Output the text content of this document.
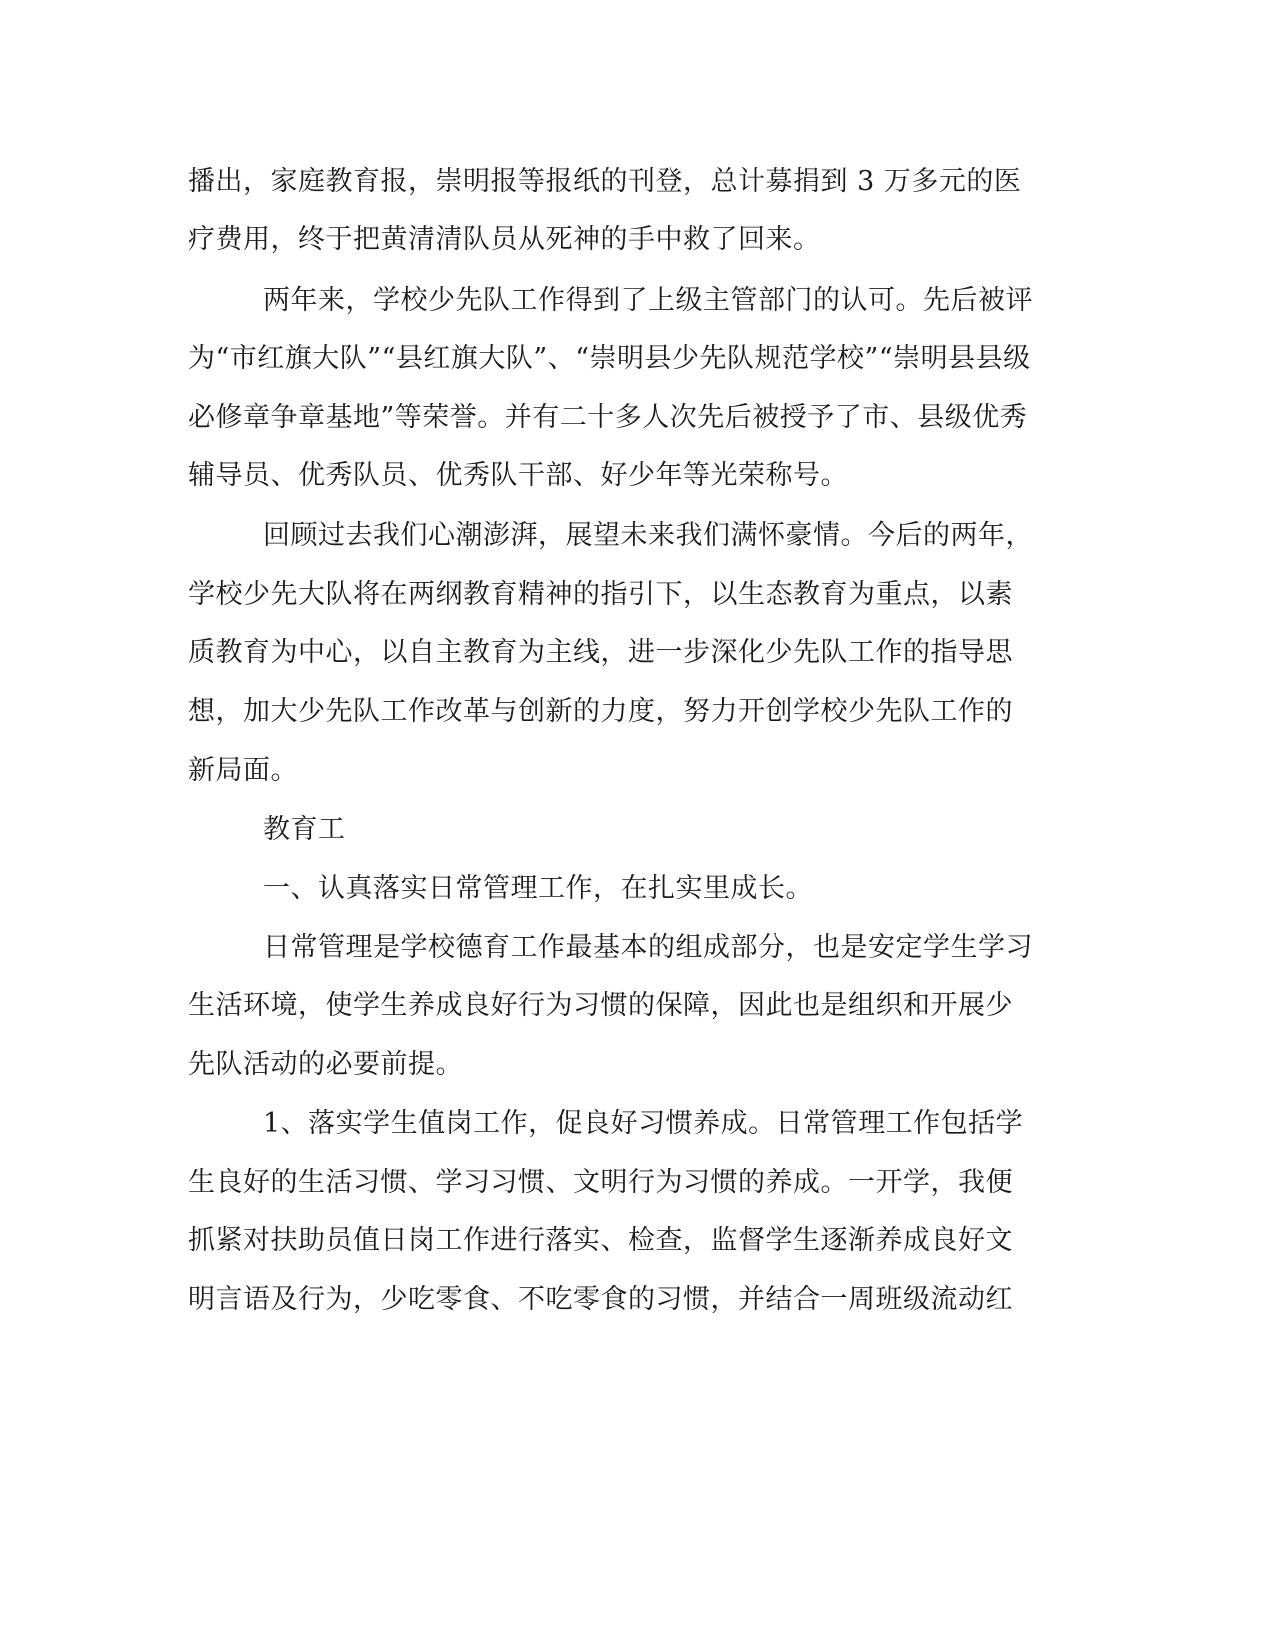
播出，家庭教育报，崇明报等报纸的刊登，总计募捐到 3 万多元的医
疗费用，终于把黄清清队员从死神的手中救了回来。
两年来，学校少先队工作得到了上级主管部门的认可。先后被评
为“市红旗大队”“县红旗大队”、“崇明县少先队规范学校”“崇明县县级
必修章争章基地”等荣誉。并有二十多人次先后被授予了市、县级优秀
辅导员、优秀队员、优秀队干部、好少年等光荣称号。
回顾过去我们心潮澎湃，展望未来我们满怀豪情。今后的两年，
学校少先大队将在两纲教育精神的指引下，以生态教育为重点，以素
质教育为中心，以自主教育为主线，进一步深化少先队工作的指导思
想，加大少先队工作改革与创新的力度，努力开创学校少先队工作的
新局面。
教育工
一、认真落实日常管理工作，在扎实里成长。
日常管理是学校德育工作最基本的组成部分，也是安定学生学习
生活环境，使学生养成良好行为习惯的保障，因此也是组织和开展少
先队活动的必要前提。
1、落实学生值岗工作，促良好习惯养成。日常管理工作包括学
生良好的生活习惯、学习习惯、文明行为习惯的养成。一开学，我便
抓紧对扶助员值日岗工作进行落实、检查，监督学生逐渐养成良好文
明言语及行为，少吃零食、不吃零食的习惯，并结合一周班级流动红
